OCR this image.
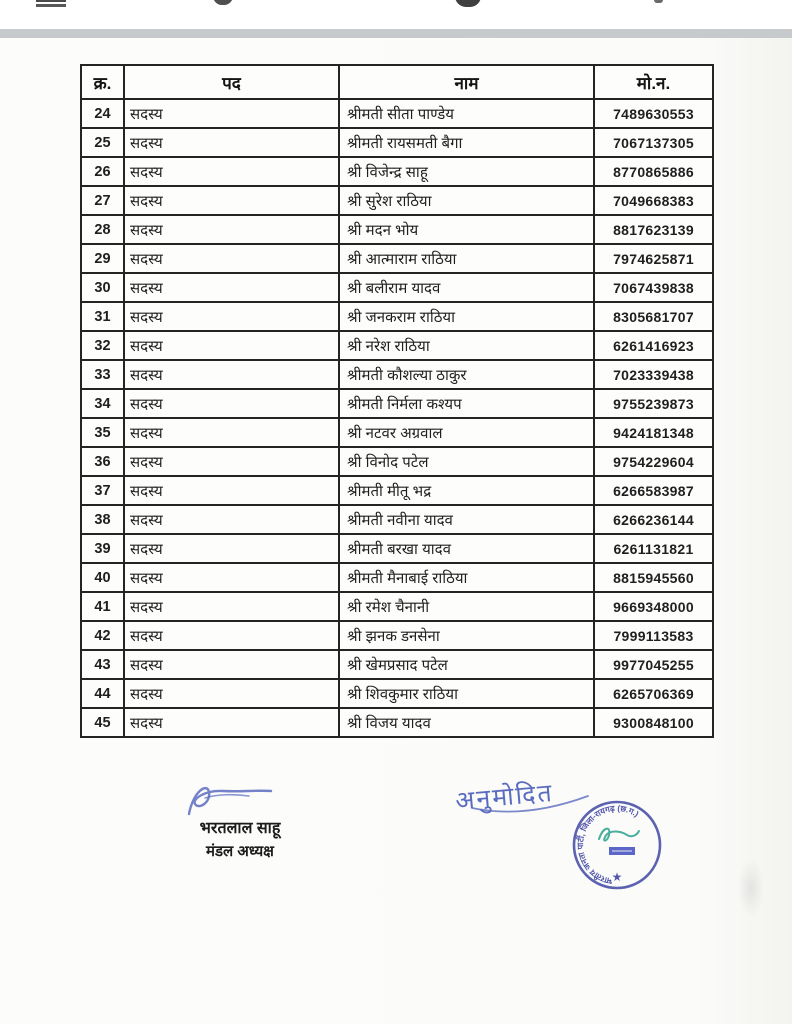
क्र.	पद	नाम	मो.न.
24	सदस्य	श्रीमती सीता पाण्डेय	7489630553
25	सदस्य	श्रीमती रायसमती बैगा	7067137305
26	सदस्य	श्री विजेन्द्र साहू	8770865886
27	सदस्य	श्री सुरेश राठिया	7049668383
28	सदस्य	श्री मदन भोय	8817623139
29	सदस्य	श्री आत्माराम राठिया	7974625871
30	सदस्य	श्री बलीराम यादव	7067439838
31	सदस्य	श्री जनकराम राठिया	8305681707
32	सदस्य	श्री नरेश राठिया	6261416923
33	सदस्य	श्रीमती कौशल्या ठाकुर	7023339438
34	सदस्य	श्रीमती निर्मला कश्यप	9755239873
35	सदस्य	श्री नटवर अग्रवाल	9424181348
36	सदस्य	श्री विनोद पटेल	9754229604
37	सदस्य	श्रीमती मीतू भद्र	6266583987
38	सदस्य	श्रीमती नवीना यादव	6266236144
39	सदस्य	श्रीमती बरखा यादव	6261131821
40	सदस्य	श्रीमती मैनाबाई राठिया	8815945560
41	सदस्य	श्री रमेश चैनानी	9669348000
42	सदस्य	श्री झनक डनसेना	7999113583
43	सदस्य	श्री खेमप्रसाद पटेल	9977045255
44	सदस्य	श्री शिवकुमार राठिया	6265706369
45	सदस्य	श्री विजय यादव	9300848100
भरतलाल साहू
मंडल अध्यक्ष
अनुमोदित
भारतीय जनता पार्टी, जिला-रायगढ़ (छ.ग.)
★
